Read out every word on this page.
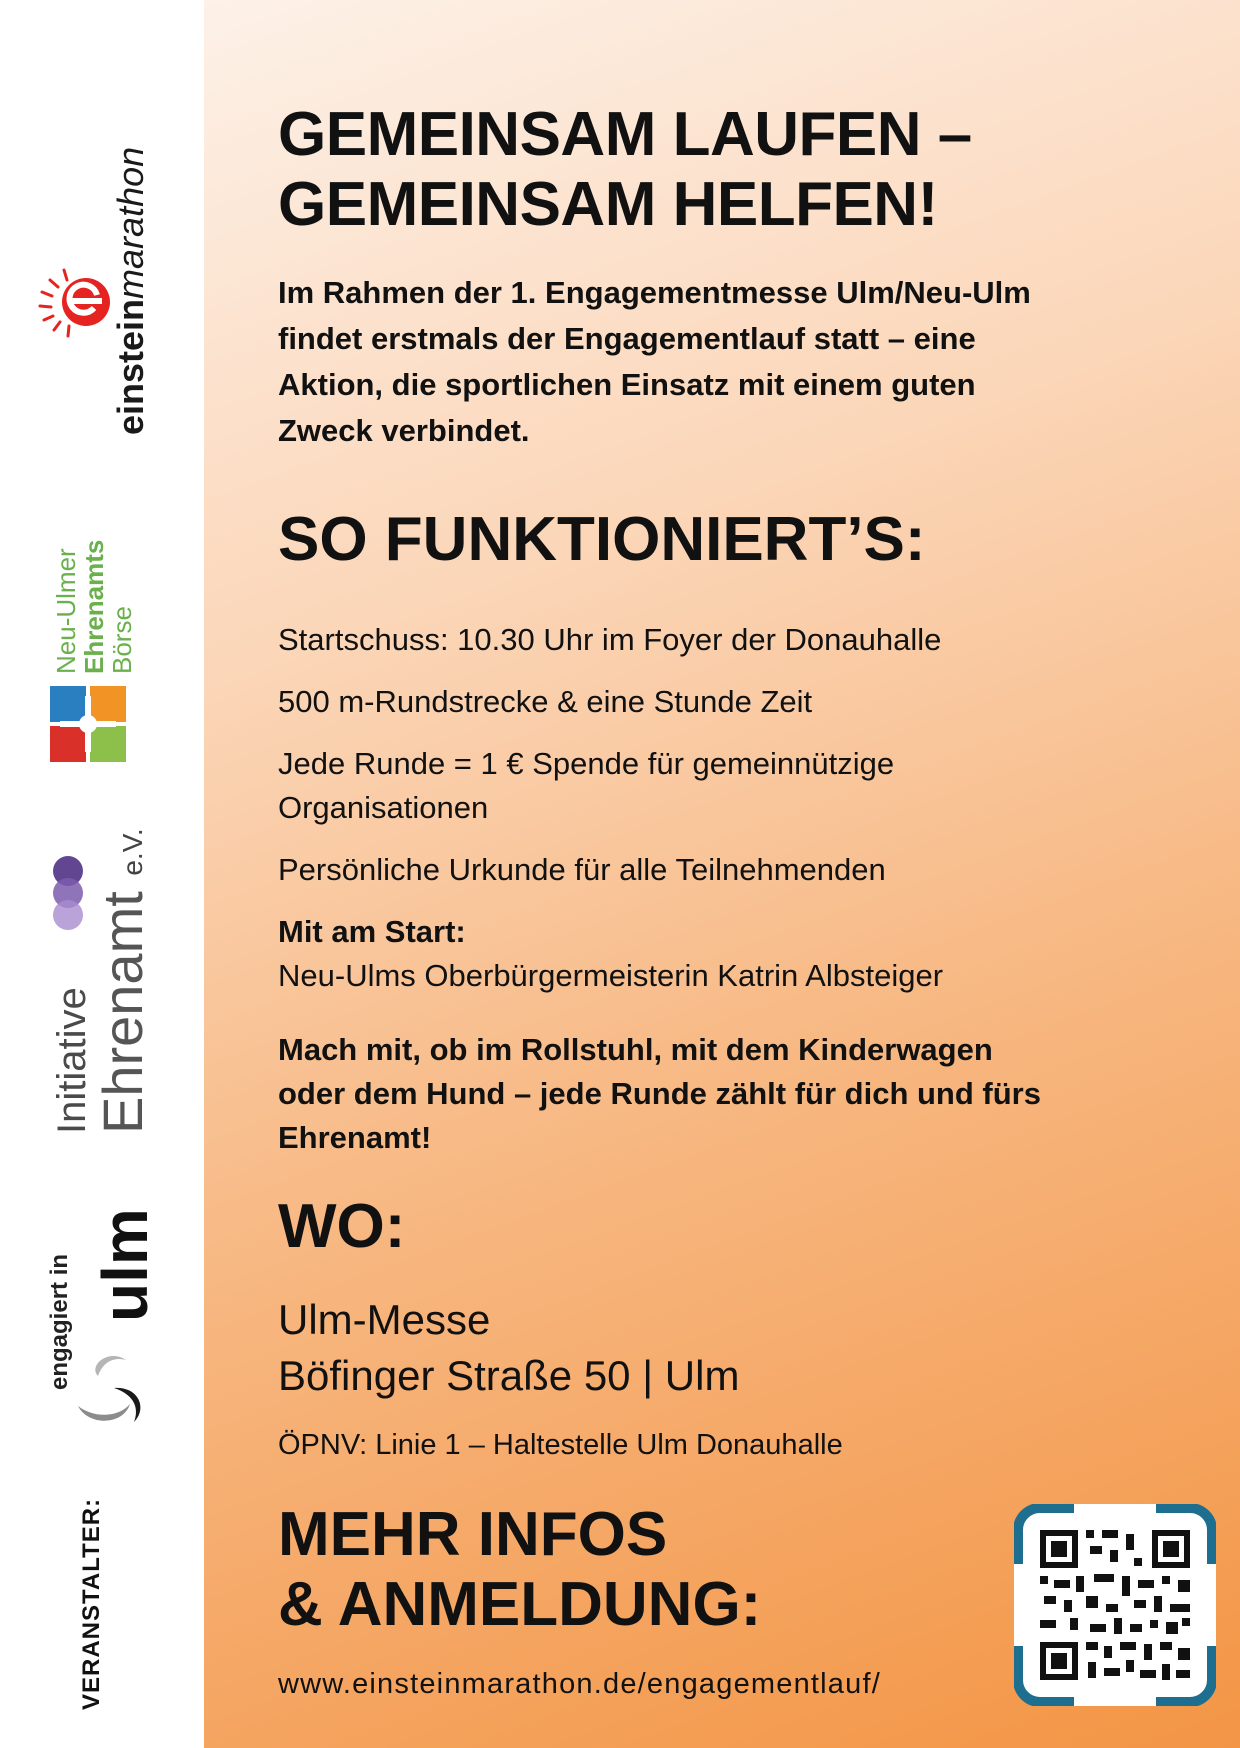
einsteinmarathon
Neu-Ulmer
Ehrenamts
Börse
Initiative
Ehrenamt e.V.
engagiert in ulm
VERANSTALTER:
GEMEINSAM LAUFEN –
GEMEINSAM HELFEN!
Im Rahmen der 1. Engagementmesse Ulm/Neu-Ulm
findet erstmals der Engagementlauf statt – eine
Aktion, die sportlichen Einsatz mit einem guten
Zweck verbindet.
SO FUNKTIONIERT’S:
Startschuss: 10.30 Uhr im Foyer der Donauhalle
500 m-Rundstrecke & eine Stunde Zeit
Jede Runde = 1 € Spende für gemeinnützige
Organisationen
Persönliche Urkunde für alle Teilnehmenden
Mit am Start:
Neu-Ulms Oberbürgermeisterin Katrin Albsteiger
Mach mit, ob im Rollstuhl, mit dem Kinderwagen
oder dem Hund – jede Runde zählt für dich und fürs
Ehrenamt!
WO:
Ulm-Messe
Böfinger Straße 50 | Ulm
ÖPNV: Linie 1 – Haltestelle Ulm Donauhalle
MEHR INFOS
& ANMELDUNG:
www.einsteinmarathon.de/engagementlauf/
